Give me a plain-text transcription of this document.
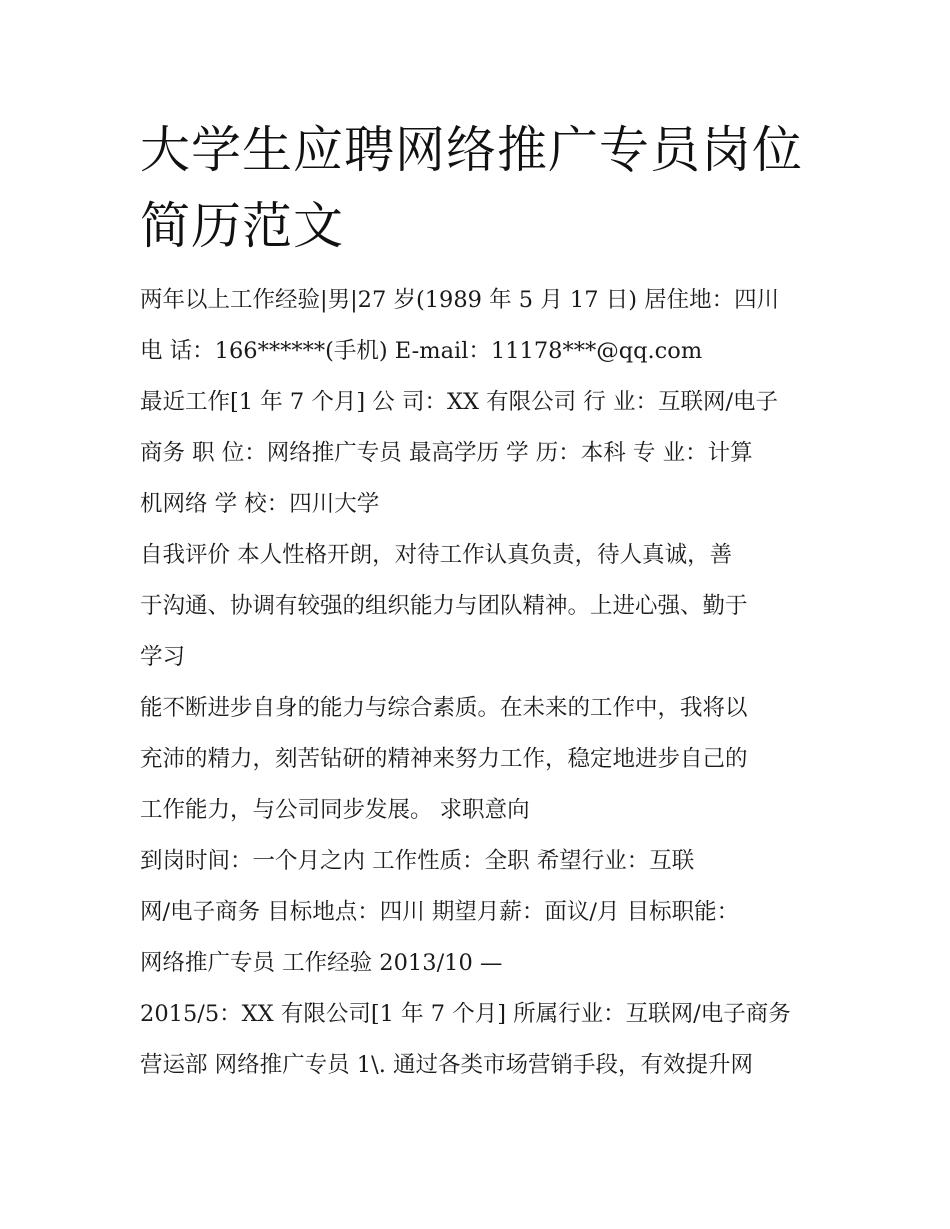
大学生应聘网络推广专员岗位
简历范文
两年以上工作经验|男|27 岁(1989 年 5 月 17 日) 居住地：四川
电 话：166******(手机) E-mail：11178***@qq.com
最近工作[1 年 7 个月] 公 司：XX 有限公司 行 业：互联网/电子
商务 职 位：网络推广专员 最高学历 学 历：本科 专 业：计算
机网络 学 校：四川大学
自我评价 本人性格开朗，对待工作认真负责，待人真诚，善
于沟通、协调有较强的组织能力与团队精神。上进心强、勤于
学习
能不断进步自身的能力与综合素质。在未来的工作中，我将以
充沛的精力，刻苦钻研的精神来努力工作，稳定地进步自己的
工作能力，与公司同步发展。 求职意向
到岗时间：一个月之内 工作性质：全职 希望行业：互联
网/电子商务 目标地点：四川 期望月薪：面议/月 目标职能：
网络推广专员 工作经验 2013/10 —
2015/5：XX 有限公司[1 年 7 个月] 所属行业：互联网/电子商务
营运部 网络推广专员 1\. 通过各类市场营销手段，有效提升网
